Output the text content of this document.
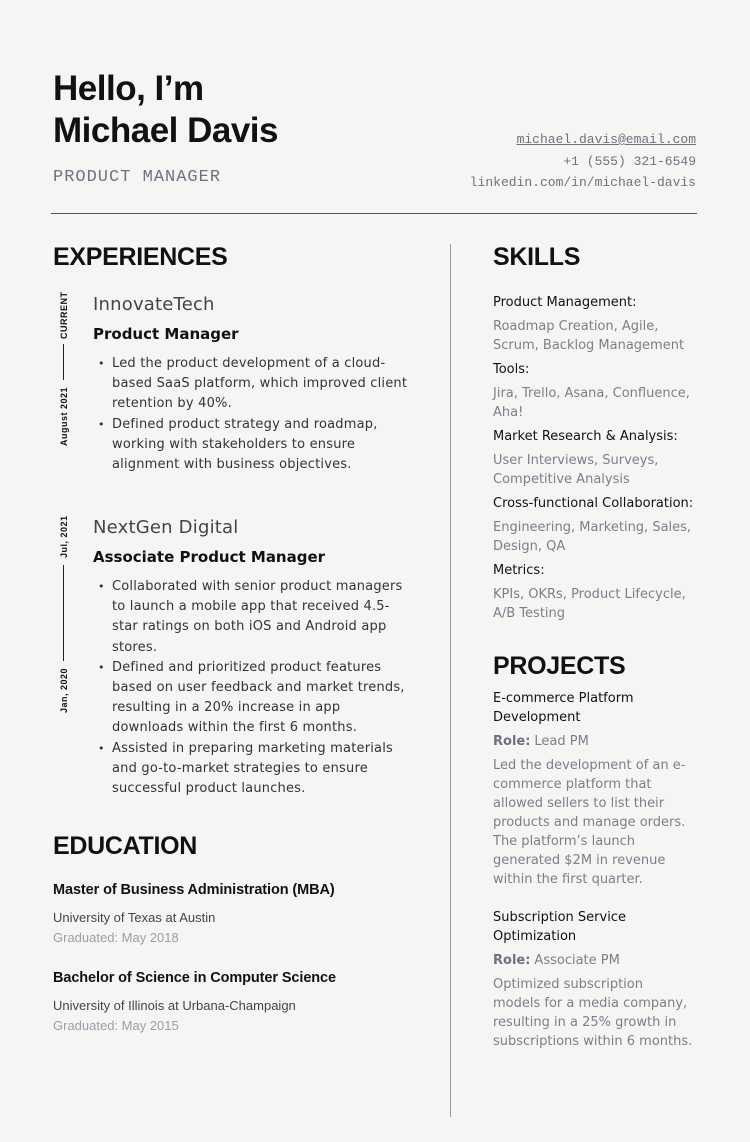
Hello, I’m
Michael Davis
PRODUCT MANAGER
michael.davis@email.com
+1 (555) 321-6549
linkedin.com/in/michael-davis
EXPERIENCES
CURRENT
August 2021
InnovateTech
Product Manager
• Led the product development of a cloud-based SaaS platform, which improved client retention by 40%.
• Defined product strategy and roadmap, working with stakeholders to ensure alignment with business objectives.
Jul, 2021
Jan, 2020
NextGen Digital
Associate Product Manager
• Collaborated with senior product managers to launch a mobile app that received 4.5-star ratings on both iOS and Android app stores.
• Defined and prioritized product features based on user feedback and market trends, resulting in a 20% increase in app downloads within the first 6 months.
• Assisted in preparing marketing materials and go-to-market strategies to ensure successful product launches.
EDUCATION
Master of Business Administration (MBA)
University of Texas at Austin
Graduated: May 2018
Bachelor of Science in Computer Science
University of Illinois at Urbana-Champaign
Graduated: May 2015
SKILLS
Product Management:
Roadmap Creation, Agile, Scrum, Backlog Management
Tools:
Jira, Trello, Asana, Confluence, Aha!
Market Research & Analysis:
User Interviews, Surveys, Competitive Analysis
Cross-functional Collaboration:
Engineering, Marketing, Sales, Design, QA
Metrics:
KPIs, OKRs, Product Lifecycle, A/B Testing
PROJECTS
E-commerce Platform Development
Role: Lead PM
Led the development of an e-commerce platform that allowed sellers to list their products and manage orders. The platform’s launch generated $2M in revenue within the first quarter.
Subscription Service Optimization
Role: Associate PM
Optimized subscription models for a media company, resulting in a 25% growth in subscriptions within 6 months.
